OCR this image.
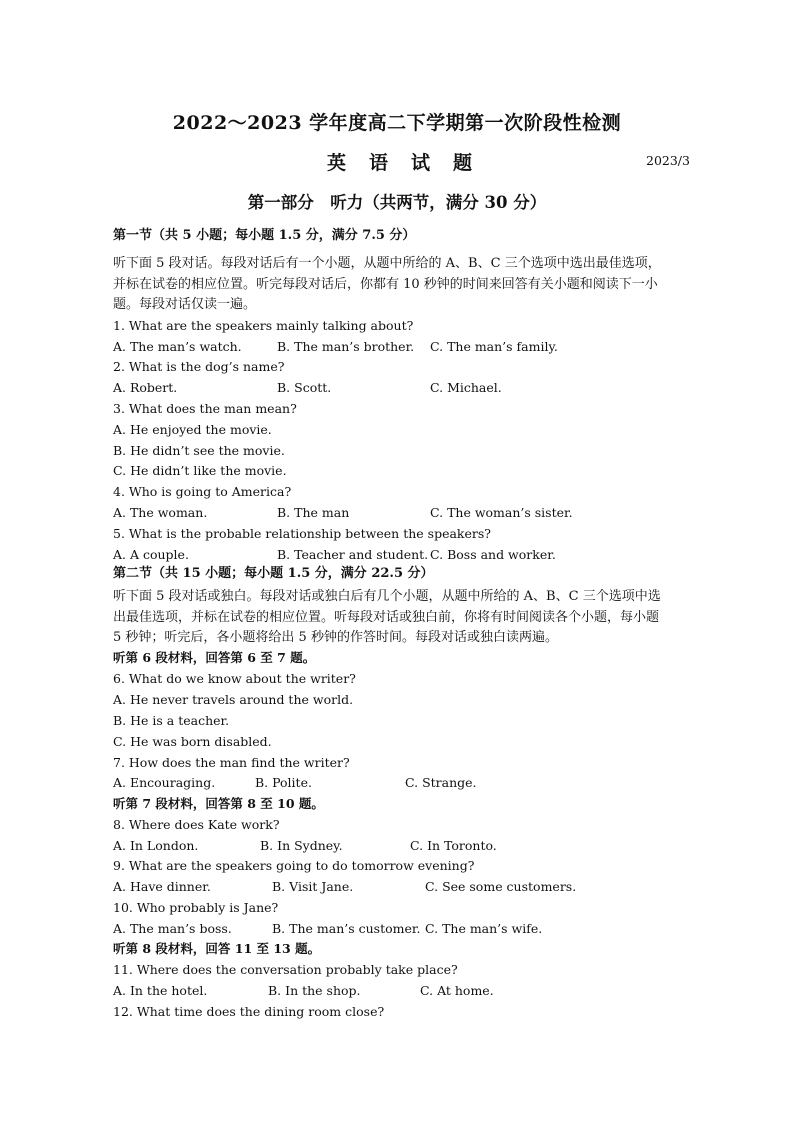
2022～2023 学年度高二下学期第一次阶段性检测
英 语 试 题	2023/3
第一部分　听力（共两节，满分 30 分）
第一节（共 5 小题；每小题 1.5 分，满分 7.5 分）
听下面 5 段对话。每段对话后有一个小题，从题中所给的 A、B、C 三个选项中选出最佳选项，
并标在试卷的相应位置。听完每段对话后，你都有 10 秒钟的时间来回答有关小题和阅读下一小
题。每段对话仅读一遍。
1. What are the speakers mainly talking about?
A. The man’s watch.	B. The man’s brother. C. The man’s family.
2. What is the dog’s name?
A. Robert.	B. Scott.	C. Michael.
3. What does the man mean?
A. He enjoyed the movie.
B. He didn’t see the movie.
C. He didn’t like the movie.
4. Who is going to America?
A. The woman.	B. The man	C. The woman’s sister.
5. What is the probable relationship between the speakers?
A. A couple.	B. Teacher and student. C. Boss and worker.
第二节（共 15 小题；每小题 1.5 分，满分 22.5 分）
听下面 5 段对话或独白。每段对话或独白后有几个小题，从题中所给的 A、B、C 三个选项中选
出最佳选项，并标在试卷的相应位置。听每段对话或独白前，你将有时间阅读各个小题，每小题
5 秒钟；听完后，各小题将给出 5 秒钟的作答时间。每段对话或独白读两遍。
听第 6 段材料，回答第 6 至 7 题。
6. What do we know about the writer?
A. He never travels around the world.
B. He is a teacher.
C. He was born disabled.
7. How does the man find the writer?
A. Encouraging.	B. Polite.	C. Strange.
听第 7 段材料，回答第 8 至 10 题。
8. Where does Kate work?
A. In London.	B. In Sydney.	C. In Toronto.
9. What are the speakers going to do tomorrow evening?
A. Have dinner.	B. Visit Jane.	C. See some customers.
10. Who probably is Jane?
A. The man’s boss.	B. The man’s customer. C. The man’s wife.
听第 8 段材料，回答 11 至 13 题。
11. Where does the conversation probably take place?
A. In the hotel.	B. In the shop.	C. At home.
12. What time does the dining room close?
